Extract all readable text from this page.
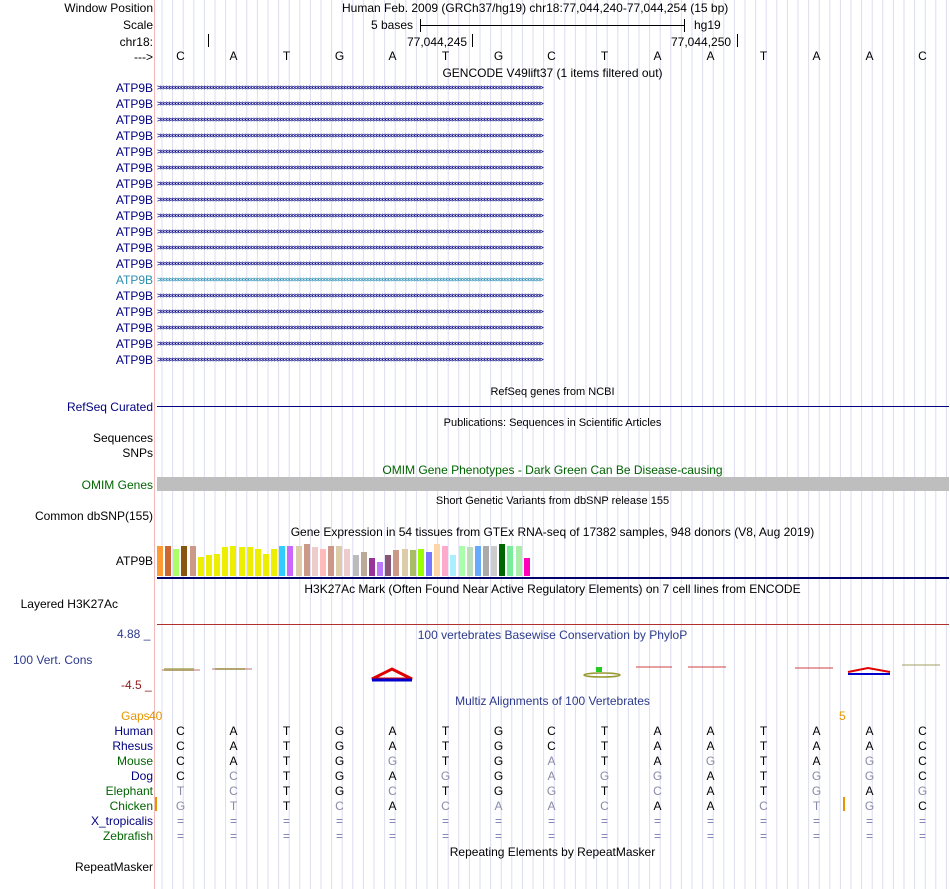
Window Position	Human Feb. 2009 (GRCh37/hg19) chr18:77,044,240-77,044,254 (15 bp)
Scale	5 bases	hg19
chr18:	77,044,245	77,044,250
--->	C	A	T	G	A	T	G	C	T	A	A	T	A	A	C
GENCODE V49lift37 (1 items filtered out)
ATP9B >>>>>>>>>>>>>>>>>>>>>>>>>>>>>>>>>>>>>>>>>>>>>>>>>>>>>>>>>>>>>>>>>>>>>>>>>>>>>>>>>>>>>>>>>>>>>>>>>>>>>>>>>>>>>>>>>>>>>>>>>>>>>>>>>>>>
ATP9B >>>>>>>>>>>>>>>>>>>>>>>>>>>>>>>>>>>>>>>>>>>>>>>>>>>>>>>>>>>>>>>>>>>>>>>>>>>>>>>>>>>>>>>>>>>>>>>>>>>>>>>>>>>>>>>>>>>>>>>>>>>>>>>>>>>>
ATP9B >>>>>>>>>>>>>>>>>>>>>>>>>>>>>>>>>>>>>>>>>>>>>>>>>>>>>>>>>>>>>>>>>>>>>>>>>>>>>>>>>>>>>>>>>>>>>>>>>>>>>>>>>>>>>>>>>>>>>>>>>>>>>>>>>>>>
ATP9B >>>>>>>>>>>>>>>>>>>>>>>>>>>>>>>>>>>>>>>>>>>>>>>>>>>>>>>>>>>>>>>>>>>>>>>>>>>>>>>>>>>>>>>>>>>>>>>>>>>>>>>>>>>>>>>>>>>>>>>>>>>>>>>>>>>>
ATP9B >>>>>>>>>>>>>>>>>>>>>>>>>>>>>>>>>>>>>>>>>>>>>>>>>>>>>>>>>>>>>>>>>>>>>>>>>>>>>>>>>>>>>>>>>>>>>>>>>>>>>>>>>>>>>>>>>>>>>>>>>>>>>>>>>>>>
ATP9B >>>>>>>>>>>>>>>>>>>>>>>>>>>>>>>>>>>>>>>>>>>>>>>>>>>>>>>>>>>>>>>>>>>>>>>>>>>>>>>>>>>>>>>>>>>>>>>>>>>>>>>>>>>>>>>>>>>>>>>>>>>>>>>>>>>>
ATP9B >>>>>>>>>>>>>>>>>>>>>>>>>>>>>>>>>>>>>>>>>>>>>>>>>>>>>>>>>>>>>>>>>>>>>>>>>>>>>>>>>>>>>>>>>>>>>>>>>>>>>>>>>>>>>>>>>>>>>>>>>>>>>>>>>>>>
ATP9B >>>>>>>>>>>>>>>>>>>>>>>>>>>>>>>>>>>>>>>>>>>>>>>>>>>>>>>>>>>>>>>>>>>>>>>>>>>>>>>>>>>>>>>>>>>>>>>>>>>>>>>>>>>>>>>>>>>>>>>>>>>>>>>>>>>>
ATP9B >>>>>>>>>>>>>>>>>>>>>>>>>>>>>>>>>>>>>>>>>>>>>>>>>>>>>>>>>>>>>>>>>>>>>>>>>>>>>>>>>>>>>>>>>>>>>>>>>>>>>>>>>>>>>>>>>>>>>>>>>>>>>>>>>>>>
ATP9B >>>>>>>>>>>>>>>>>>>>>>>>>>>>>>>>>>>>>>>>>>>>>>>>>>>>>>>>>>>>>>>>>>>>>>>>>>>>>>>>>>>>>>>>>>>>>>>>>>>>>>>>>>>>>>>>>>>>>>>>>>>>>>>>>>>>
ATP9B >>>>>>>>>>>>>>>>>>>>>>>>>>>>>>>>>>>>>>>>>>>>>>>>>>>>>>>>>>>>>>>>>>>>>>>>>>>>>>>>>>>>>>>>>>>>>>>>>>>>>>>>>>>>>>>>>>>>>>>>>>>>>>>>>>>>
ATP9B >>>>>>>>>>>>>>>>>>>>>>>>>>>>>>>>>>>>>>>>>>>>>>>>>>>>>>>>>>>>>>>>>>>>>>>>>>>>>>>>>>>>>>>>>>>>>>>>>>>>>>>>>>>>>>>>>>>>>>>>>>>>>>>>>>>>
ATP9B >>>>>>>>>>>>>>>>>>>>>>>>>>>>>>>>>>>>>>>>>>>>>>>>>>>>>>>>>>>>>>>>>>>>>>>>>>>>>>>>>>>>>>>>>>>>>>>>>>>>>>>>>>>>>>>>>>>>>>>>>>>>>>>>>>>>
ATP9B >>>>>>>>>>>>>>>>>>>>>>>>>>>>>>>>>>>>>>>>>>>>>>>>>>>>>>>>>>>>>>>>>>>>>>>>>>>>>>>>>>>>>>>>>>>>>>>>>>>>>>>>>>>>>>>>>>>>>>>>>>>>>>>>>>>>
ATP9B >>>>>>>>>>>>>>>>>>>>>>>>>>>>>>>>>>>>>>>>>>>>>>>>>>>>>>>>>>>>>>>>>>>>>>>>>>>>>>>>>>>>>>>>>>>>>>>>>>>>>>>>>>>>>>>>>>>>>>>>>>>>>>>>>>>>
ATP9B >>>>>>>>>>>>>>>>>>>>>>>>>>>>>>>>>>>>>>>>>>>>>>>>>>>>>>>>>>>>>>>>>>>>>>>>>>>>>>>>>>>>>>>>>>>>>>>>>>>>>>>>>>>>>>>>>>>>>>>>>>>>>>>>>>>>
ATP9B >>>>>>>>>>>>>>>>>>>>>>>>>>>>>>>>>>>>>>>>>>>>>>>>>>>>>>>>>>>>>>>>>>>>>>>>>>>>>>>>>>>>>>>>>>>>>>>>>>>>>>>>>>>>>>>>>>>>>>>>>>>>>>>>>>>>
ATP9B >>>>>>>>>>>>>>>>>>>>>>>>>>>>>>>>>>>>>>>>>>>>>>>>>>>>>>>>>>>>>>>>>>>>>>>>>>>>>>>>>>>>>>>>>>>>>>>>>>>>>>>>>>>>>>>>>>>>>>>>>>>>>>>>>>>>
RefSeq genes from NCBI
RefSeq Curated
Publications: Sequences in Scientific Articles
Sequences
SNPs
OMIM Gene Phenotypes - Dark Green Can Be Disease-causing
OMIM Genes
Short Genetic Variants from dbSNP release 155
Common dbSNP(155)
Gene Expression in 54 tissues from GTEx RNA-seq of 17382 samples, 948 donors (V8, Aug 2019)
ATP9B
H3K27Ac Mark (Often Found Near Active Regulatory Elements) on 7 cell lines from ENCODE
Layered H3K27Ac
4.88 _	100 vertebrates Basewise Conservation by PhyloP
100 Vert. Cons
-4.5 _
Multiz Alignments of 100 Vertebrates
Gaps 40	5
Human	C	A	T	G	A	T	G	C	T	A	A	T	A	A	C
Rhesus	C	A	T	G	A	T	G	C	T	A	A	T	A	A	C
Mouse	C	A	T	G	G	T	G	A	T	A	G	T	A	G	C
Dog	C	C	T	G	A	G	G	A	G	G	A	T	G	G	C
Elephant	T	C	T	G	C	T	G	G	T	C	A	T	G	A	G
Chicken	G	T	T	C	A	C	A	A	C	A	A	C	T	G	C
X_tropicalis	=	=	=	=	=	=	=	=	=	=	=	=	=	=	=
Zebrafish	=	=	=	=	=	=	=	=	=	=	=	=	=	=	=
Repeating Elements by RepeatMasker
RepeatMasker
